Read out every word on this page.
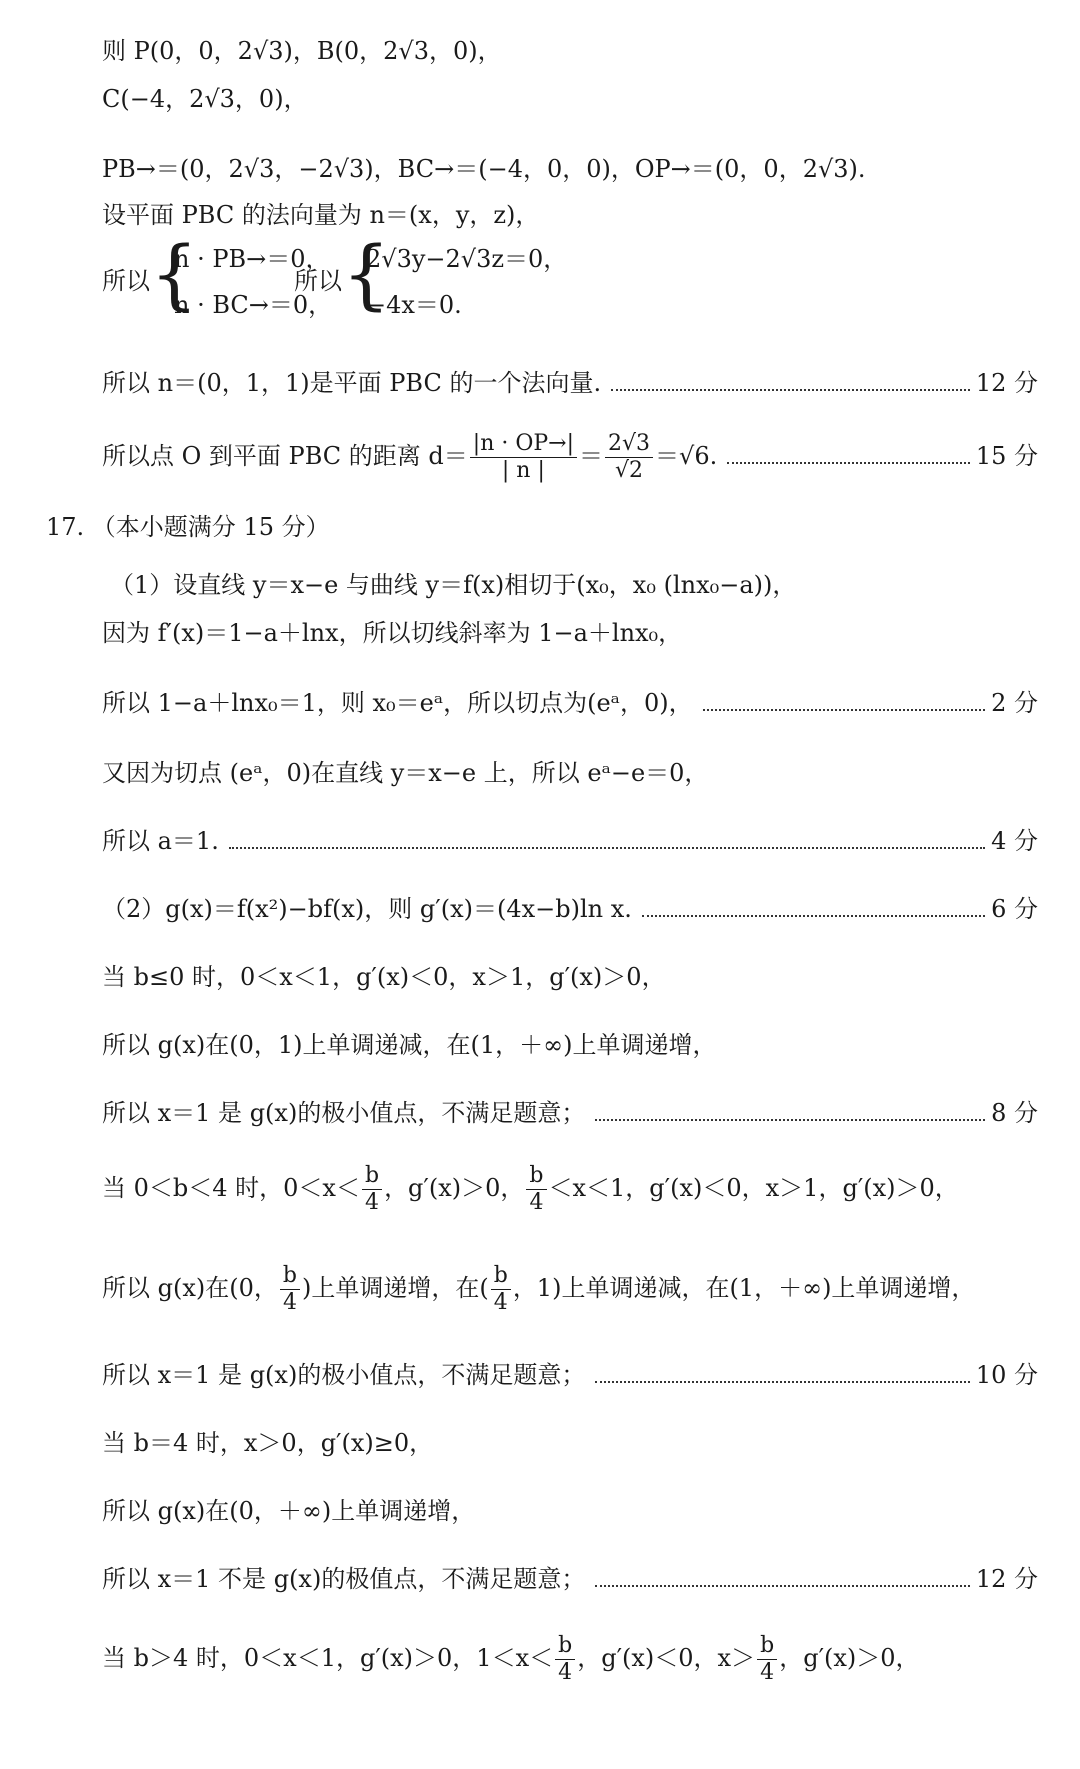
则 P(0，0，2√3)，B(0，2√3，0)，
C(−4，2√3，0)，
PB→＝(0，2√3，−2√3)，BC→＝(−4，0，0)，OP→＝(0，0，2√3).
设平面 PBC 的法向量为 n＝(x，y，z)，
所以 {
n · PB→＝0，
n · BC→＝0，
所以 {
2√3y−2√3z＝0，
−4x＝0.
所以 n＝(0，1，1)是平面 PBC 的一个法向量.	12 分
所以点 O 到平面 PBC 的距离 $d= \frac{|n \cdot OP\to|}{| n |} = \frac{2√3}{√2} =√6$.	15 分
17. （本小题满分 15 分）
（1）设直线 y＝x−e 与曲线 y＝f(x)相切于(x₀，x₀ (lnx₀−a))，
因为 f′(x)＝1−a＋lnx，所以切线斜率为 1−a＋lnx₀，
所以 1−a＋lnx₀＝1，则 x₀＝eᵃ，所以切点为(eᵃ，0)，	2 分
又因为切点 (eᵃ，0)在直线 y＝x−e 上，所以 eᵃ−e＝0，
所以 a＝1.	4 分
（2）g(x)＝f(x²)−bf(x)，则 g′(x)＝(4x−b)ln x.	6 分
当 b≤0 时，0＜x＜1，g′(x)＜0，x＞1，g′(x)＞0，
所以 g(x)在(0，1)上单调递减，在(1，＋∞)上单调递增，
所以 x＝1 是 g(x)的极小值点，不满足题意；	8 分
当 0＜b＜4 时，$0<x< \frac{b}{4}$ ，g′(x)＞0， $\frac{b}{4} <x<1$，g′(x)＜0，x＞1，g′(x)＞0，
所以 g(x)在(0， $\frac{b}{4}$ )上单调递增，在( $\frac{b}{4}$ ，1)上单调递减，在(1，＋∞)上单调递增，
所以 x＝1 是 g(x)的极小值点，不满足题意；	10 分
当 b＝4 时，x＞0，g′(x)≥0，
所以 g(x)在(0，＋∞)上单调递增，
所以 x＝1 不是 g(x)的极值点，不满足题意；	12 分
当 b＞4 时，0＜x＜1，g′(x)＞0，$1<x< \frac{b}{4}$ ，g′(x)＜0，$x> \frac{b}{4}$ ，g′(x)＞0，
